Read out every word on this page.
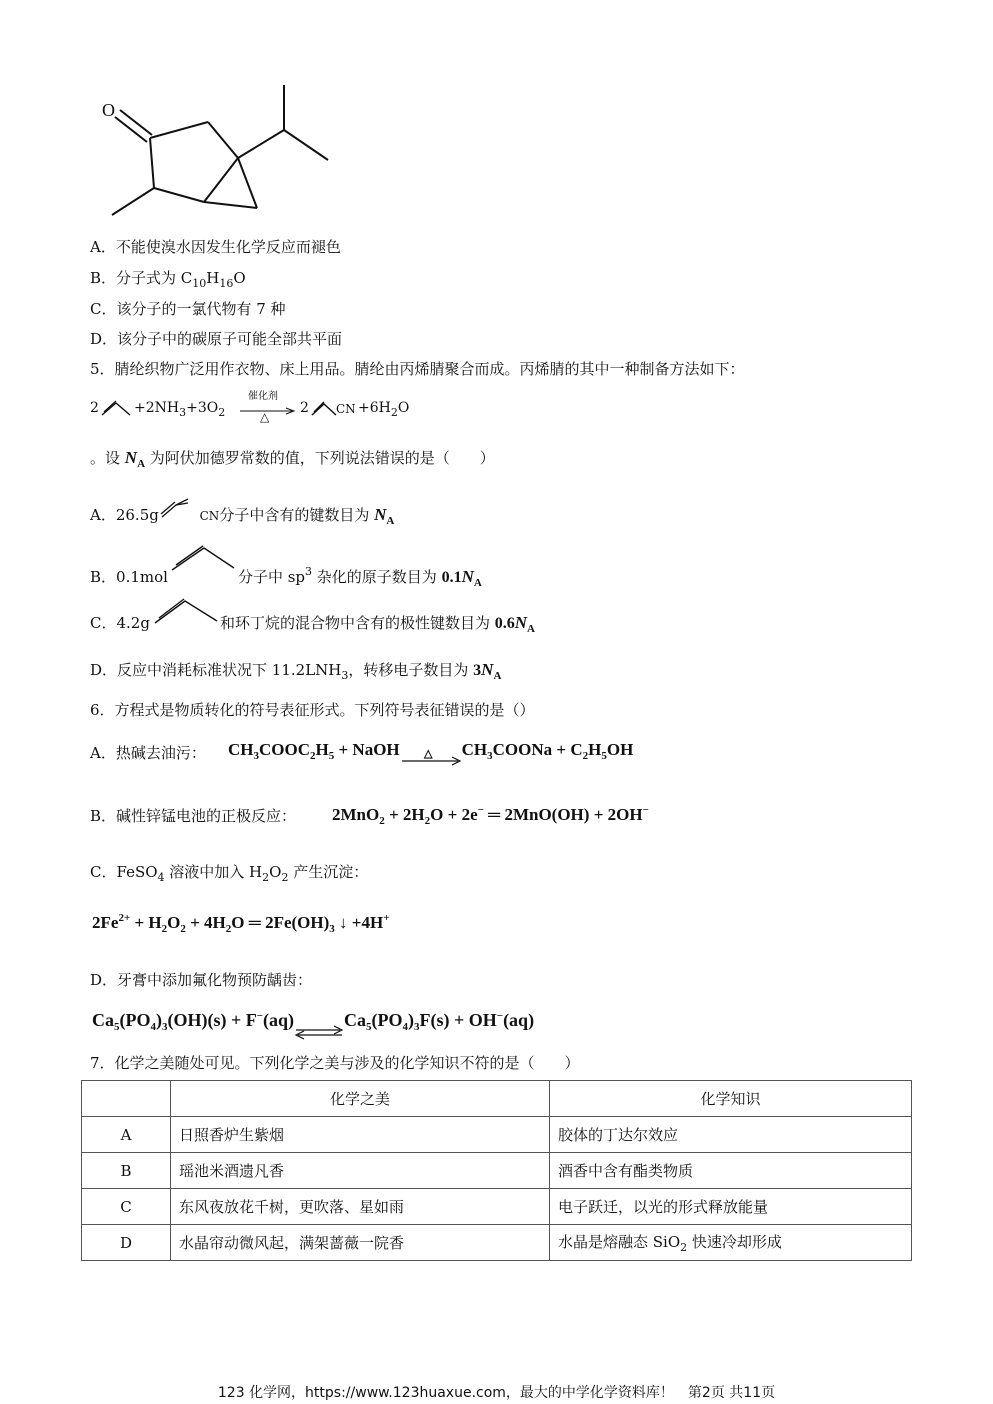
O
A．不能使溴水因发生化学反应而褪色
B．分子式为 $C_{10}H_{16}O$
C．该分子的一氯代物有 7 种
D．该分子中的碳原子可能全部共平面
5．腈纶织物广泛用作衣物、床上用品。腈纶由丙烯腈聚合而成。丙烯腈的其中一种制备方法如下：
2	$+2NH_3+3O_2$
催化剂
△
2 CN $+6H_2O$
。设 $N_A$ 为阿伏加德罗常数的值，下列说法错误的是（　　）
A．26.5g	CN分子中含有的键数目为 $N_A$
B．0.1mol	分子中 $sp^3$ 杂化的原子数目为 $0.1N_A$
C．4.2g	和环丁烷的混合物中含有的极性键数目为 $0.6N_A$
D．反应中消耗标准状况下 $11.2LNH_3$，转移电子数目为 $3N_A$
6．方程式是物质转化的符号表征形式。下列符号表征错误的是（）
A．热碱去油污： $CH_3COOC_2H_5$ + NaOH △ $CH_3COONa + C_2H_5OH$
B．碱性锌锰电池的正极反应： $2MnO_2 + 2H_2O + 2e^-$ ═ 2MnO(OH) + 2OH−
C．FeSO$_4$ 溶液中加入 $H_2O_2$ 产生沉淀：
$2Fe^{2+} + H_2O_2 + 4H_2O$ ═ $2Fe(OH)_3$ ↓ +4H+
D．牙膏中添加氟化物预防龋齿：
$Ca_5(PO_4)_3(OH)(s) + F^-(aq)$	$Ca_5(PO_4)_3F(s) + OH^-(aq)$
7．化学之美随处可见。下列化学之美与涉及的化学知识不符的是（　　）
	化学之美	化学知识
A	日照香炉生紫烟	胶体的丁达尔效应
B	瑶池米酒遗凡香	酒香中含有酯类物质
C	东风夜放花千树，更吹落、星如雨	电子跃迁，以光的形式释放能量
D	水晶帘动微风起，满架蔷薇一院香	水晶是熔融态 SiO$_2$ 快速冷却形成
123 化学网，https://www.123huaxue.com，最大的中学化学资料库！　第2页 共11页
